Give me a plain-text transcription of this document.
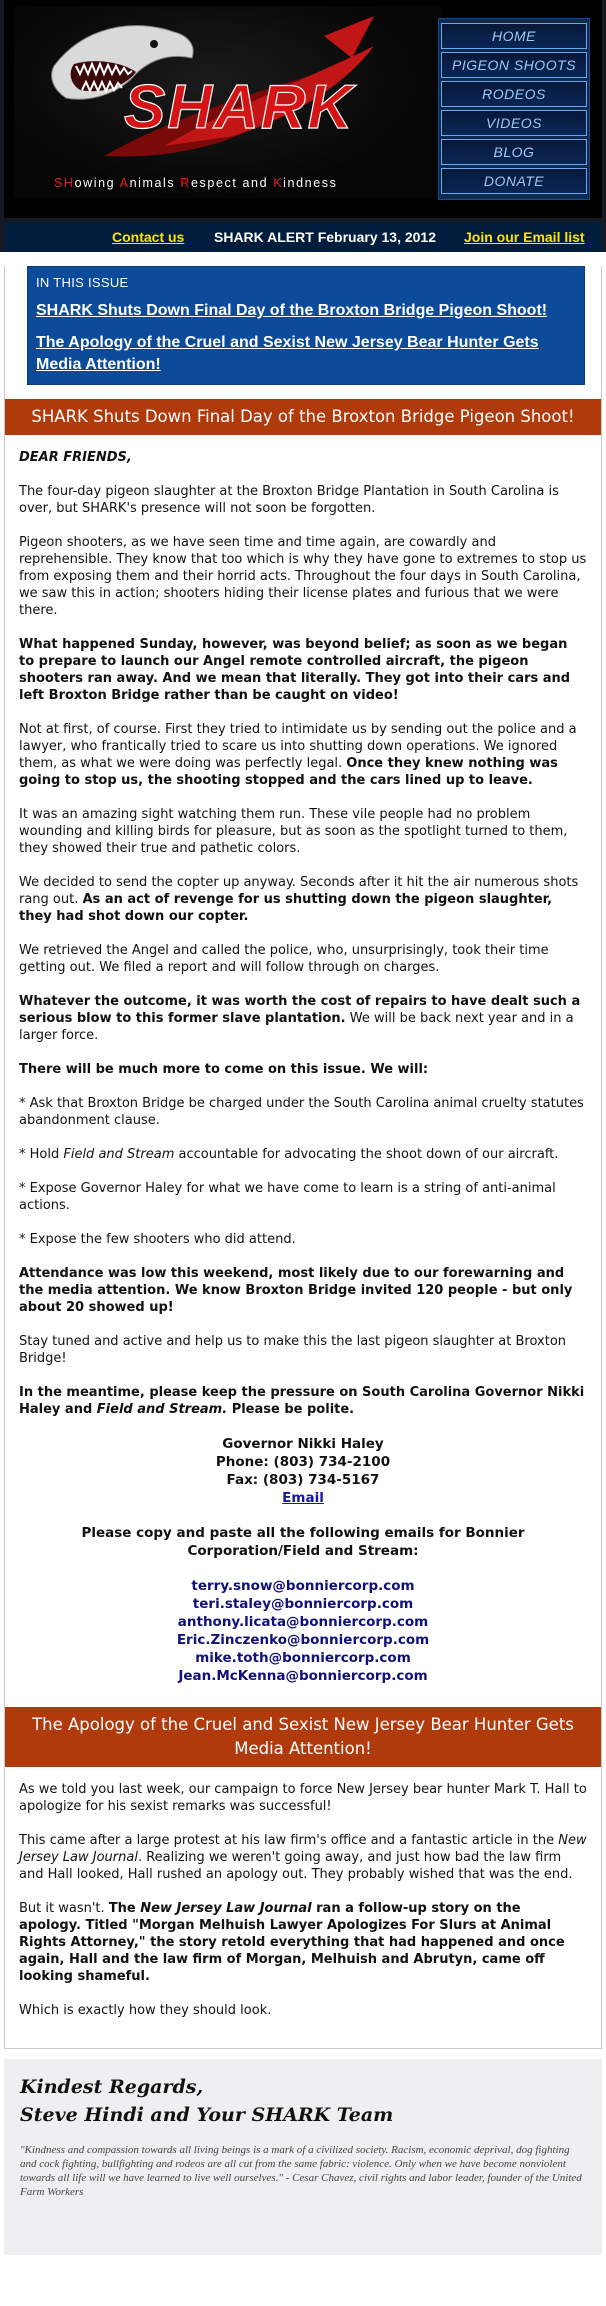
SHARK
SHowing Animals Respect and Kindness
HOME
PIGEON SHOOTS
RODEOS
VIDEOS
BLOG
DONATE
Contact us SHARK ALERT February 13, 2012 Join our Email list
IN THIS ISSUE
SHARK Shuts Down Final Day of the Broxton Bridge Pigeon Shoot!
The Apology of the Cruel and Sexist New Jersey Bear Hunter Gets Media Attention!
SHARK Shuts Down Final Day of the Broxton Bridge Pigeon Shoot!

DEAR FRIENDS,

The four-day pigeon slaughter at the Broxton Bridge Plantation in South Carolina is over, but SHARK's presence will not soon be forgotten.

Pigeon shooters, as we have seen time and time again, are cowardly and reprehensible. They know that too which is why they have gone to extremes to stop us from exposing them and their horrid acts. Throughout the four days in South Carolina, we saw this in action; shooters hiding their license plates and furious that we were there.

What happened Sunday, however, was beyond belief; as soon as we began to prepare to launch our Angel remote controlled aircraft, the pigeon shooters ran away. And we mean that literally. They got into their cars and left Broxton Bridge rather than be caught on video!

Not at first, of course. First they tried to intimidate us by sending out the police and a lawyer, who frantically tried to scare us into shutting down operations. We ignored them, as what we were doing was perfectly legal. Once they knew nothing was going to stop us, the shooting stopped and the cars lined up to leave.

It was an amazing sight watching them run. These vile people had no problem wounding and killing birds for pleasure, but as soon as the spotlight turned to them, they showed their true and pathetic colors.

We decided to send the copter up anyway. Seconds after it hit the air numerous shots rang out. As an act of revenge for us shutting down the pigeon slaughter, they had shot down our copter.

We retrieved the Angel and called the police, who, unsurprisingly, took their time getting out. We filed a report and will follow through on charges.

Whatever the outcome, it was worth the cost of repairs to have dealt such a serious blow to this former slave plantation. We will be back next year and in a larger force.

There will be much more to come on this issue. We will:

* Ask that Broxton Bridge be charged under the South Carolina animal cruelty statutes abandonment clause.

* Hold Field and Stream accountable for advocating the shoot down of our aircraft.

* Expose Governor Haley for what we have come to learn is a string of anti-animal actions.

* Expose the few shooters who did attend.

Attendance was low this weekend, most likely due to our forewarning and the media attention. We know Broxton Bridge invited 120 people - but only about 20 showed up!

Stay tuned and active and help us to make this the last pigeon slaughter at Broxton Bridge!

In the meantime, please keep the pressure on South Carolina Governor Nikki Haley and Field and Stream. Please be polite.

Governor Nikki Haley
Phone: (803) 734-2100
Fax: (803) 734-5167
Email
Please copy and paste all the following emails for Bonnier Corporation/Field and Stream:
terry.snow@bonniercorp.com
teri.staley@bonniercorp.com
anthony.licata@bonniercorp.com
Eric.Zinczenko@bonniercorp.com
mike.toth@bonniercorp.com
Jean.McKenna@bonniercorp.com
The Apology of the Cruel and Sexist New Jersey Bear Hunter Gets Media Attention!

As we told you last week, our campaign to force New Jersey bear hunter Mark T. Hall to apologize for his sexist remarks was successful!

This came after a large protest at his law firm's office and a fantastic article in the New Jersey Law Journal. Realizing we weren't going away, and just how bad the law firm and Hall looked, Hall rushed an apology out. They probably wished that was the end.

But it wasn't. The New Jersey Law Journal ran a follow-up story on the apology. Titled "Morgan Melhuish Lawyer Apologizes For Slurs at Animal Rights Attorney," the story retold everything that had happened and once again, Hall and the law firm of Morgan, Melhuish and Abrutyn, came off looking shameful.

Which is exactly how they should look.

Kindest Regards,
Steve Hindi and Your SHARK Team
"Kindness and compassion towards all living beings is a mark of a civilized society. Racism, economic deprival, dog fighting and cock fighting, bullfighting and rodeos are all cut from the same fabric: violence. Only when we have become nonviolent towards all life will we have learned to live well ourselves." - Cesar Chavez, civil rights and labor leader, founder of the United Farm Workers
